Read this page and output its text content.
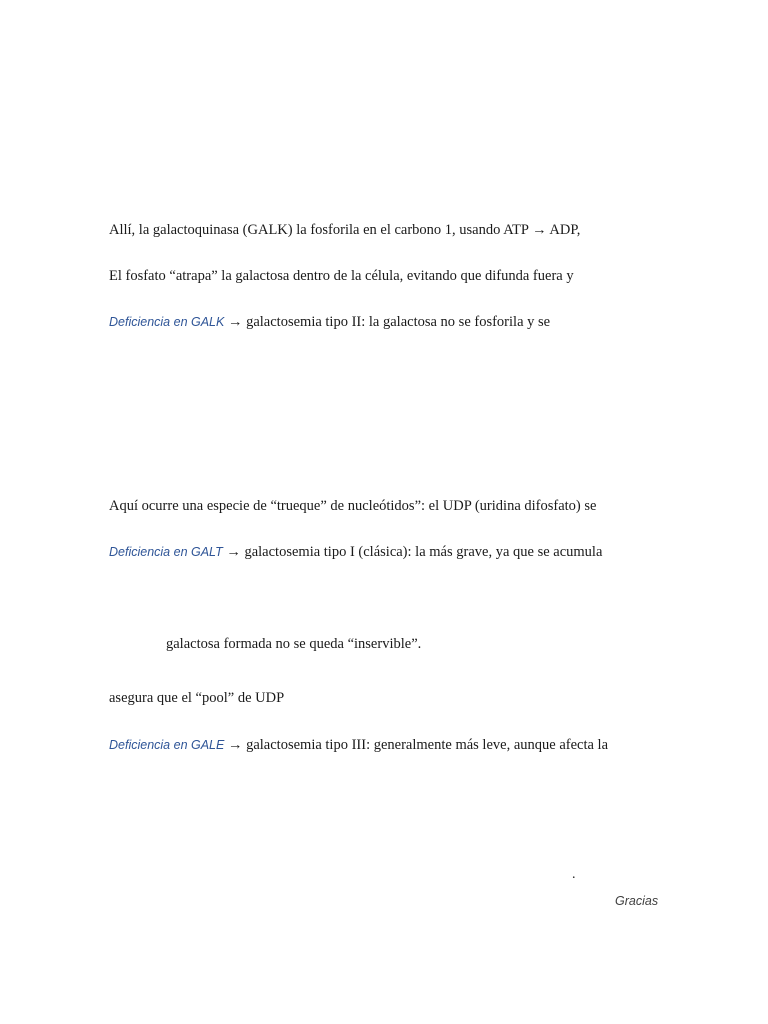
Allí, la galactoquinasa (GALK) la fosforila en el carbono 1, usando ATP → ADP,

El fosfato “atrapa” la galactosa dentro de la célula, evitando que difunda fuera y

Deficiencia en GALK → galactosemia tipo II: la galactosa no se fosforila y se

Aquí ocurre una especie de “trueque” de nucleótidos”: el UDP (uridina difosfato) se

Deficiencia en GALT → galactosemia tipo I (clásica): la más grave, ya que se acumula

galactosa formada no se queda “inservible”.

asegura que el “pool” de UDP

Deficiencia en GALE → galactosemia tipo III: generalmente más leve, aunque afecta la

.
Gracias
